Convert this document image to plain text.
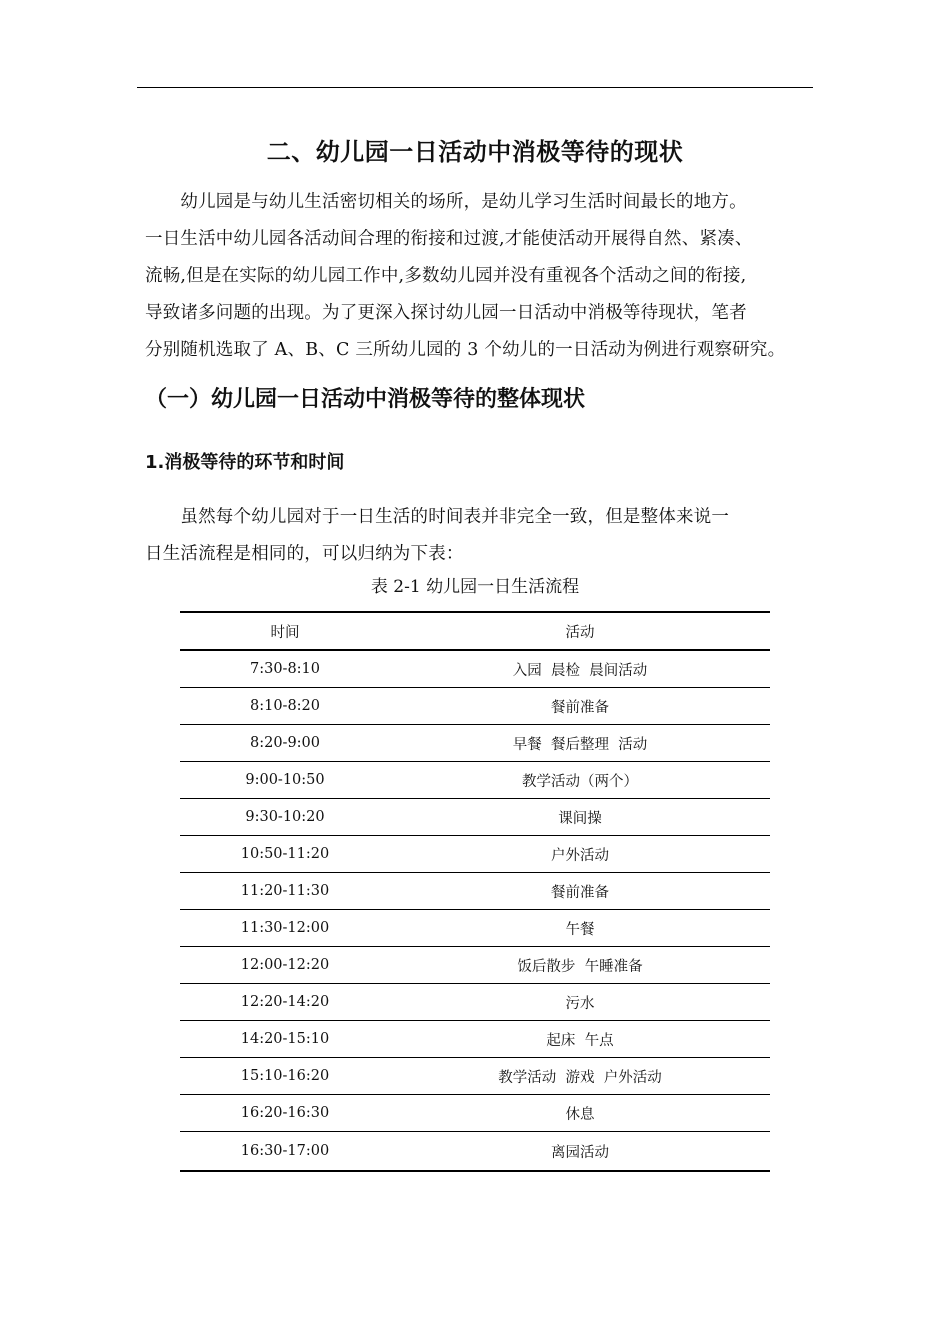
二、幼儿园一日活动中消极等待的现状
　　幼儿园是与幼儿生活密切相关的场所，是幼儿学习生活时间最长的地方。
一日生活中幼儿园各活动间合理的衔接和过渡,才能使活动开展得自然、紧凑、
流畅,但是在实际的幼儿园工作中,多数幼儿园并没有重视各个活动之间的衔接,
导致诸多问题的出现。为了更深入探讨幼儿园一日活动中消极等待现状，笔者
分别随机选取了 A、B、C 三所幼儿园的 3 个幼儿的一日活动为例进行观察研究。
（一）幼儿园一日活动中消极等待的整体现状
1.消极等待的环节和时间
　　虽然每个幼儿园对于一日生活的时间表并非完全一致，但是整体来说一
日生活流程是相同的，可以归纳为下表：
表 2-1 幼儿园一日生活流程
时间	活动
7:30-8:10	入园  晨检  晨间活动
8:10-8:20	餐前准备
8:20-9:00	早餐  餐后整理  活动
9:00-10:50	教学活动（两个）
9:30-10:20	课间操
10:50-11:20	户外活动
11:20-11:30	餐前准备
11:30-12:00	午餐
12:00-12:20	饭后散步  午睡准备
12:20-14:20	污水
14:20-15:10	起床  午点
15:10-16:20	教学活动  游戏  户外活动
16:20-16:30	休息
16:30-17:00	离园活动
